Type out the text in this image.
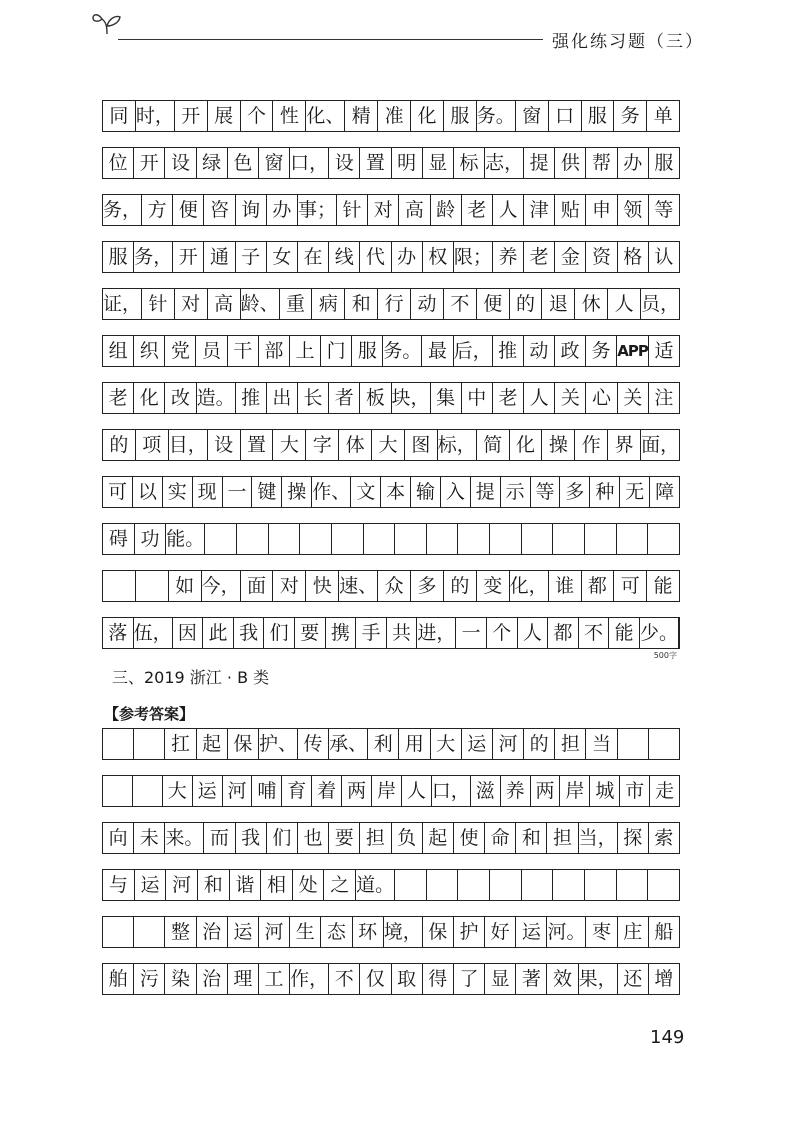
强化练习题（三）
同 时， 开 展 个 性 化、 精 准 化 服 务。 窗 口 服 务 单
位 开 设 绿 色 窗 口， 设 置 明 显 标 志， 提 供 帮 办 服
务， 方 便 咨 询 办 事； 针 对 高 龄 老 人 津 贴 申 领 等
服 务， 开 通 子 女 在 线 代 办 权 限； 养 老 金 资 格 认
证， 针 对 高 龄、 重 病 和 行 动 不 便 的 退 休 人 员，
组 织 党 员 干 部 上 门 服 务。 最 后， 推 动 政 务 APP 适
老 化 改 造。 推 出 长 者 板 块， 集 中 老 人 关 心 关 注
的 项 目， 设 置 大 字 体 大 图 标， 简 化 操 作 界 面，
可 以 实 现 一 键 操 作、 文 本 输 入 提 示 等 多 种 无 障
碍 功 能。
如 今， 面 对 快 速、 众 多 的 变 化， 谁 都 可 能
落 伍， 因 此 我 们 要 携 手 共 进， 一 个 人 都 不 能 少。
500字
三、2019 浙江 · B 类
【参考答案】
扛 起 保 护、 传 承、 利 用 大 运 河 的 担 当
大 运 河 哺 育 着 两 岸 人 口， 滋 养 两 岸 城 市 走
向 未 来。 而 我 们 也 要 担 负 起 使 命 和 担 当， 探 索
与 运 河 和 谐 相 处 之 道。
整 治 运 河 生 态 环 境， 保 护 好 运 河。 枣 庄 船
舶 污 染 治 理 工 作， 不 仅 取 得 了 显 著 效 果， 还 增
149
